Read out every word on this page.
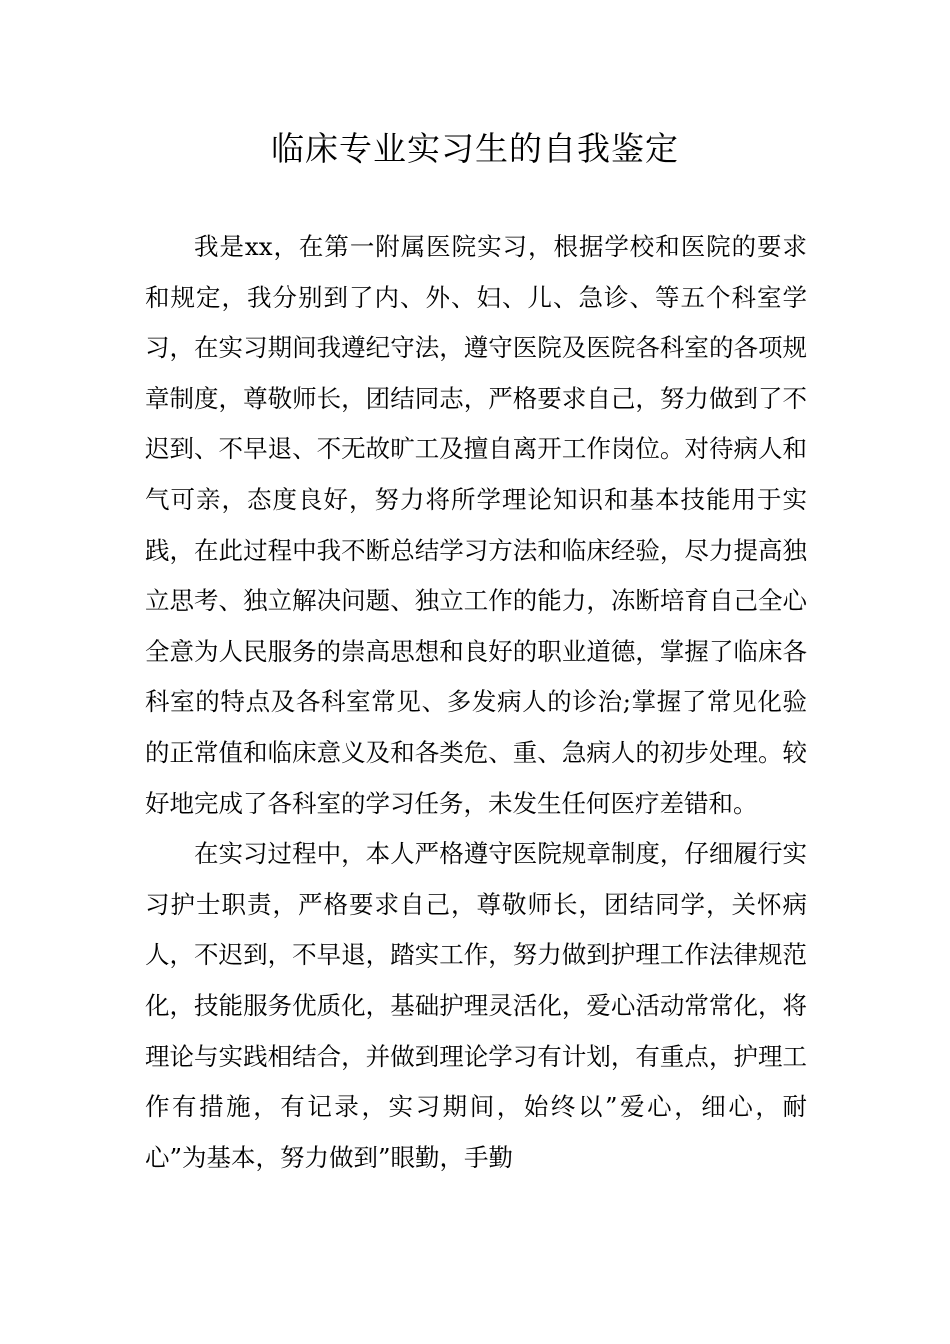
临床专业实习生的自我鉴定

我是xx，在第一附属医院实习，根据学校和医院的要求和规定，我分别到了内、外、妇、儿、急诊、等五个科室学习，在实习期间我遵纪守法，遵守医院及医院各科室的各项规章制度，尊敬师长，团结同志，严格要求自己，努力做到了不迟到、不早退、不无故旷工及擅自离开工作岗位。对待病人和气可亲，态度良好，努力将所学理论知识和基本技能用于实践，在此过程中我不断总结学习方法和临床经验，尽力提高独立思考、独立解决问题、独立工作的能力，冻断培育自己全心全意为人民服务的崇高思想和良好的职业道德，掌握了临床各科室的特点及各科室常见、多发病人的诊治;掌握了常见化验的正常值和临床意义及和各类危、重、急病人的初步处理。较好地完成了各科室的学习任务，未发生任何医疗差错和。

在实习过程中，本人严格遵守医院规章制度，仔细履行实习护士职责，严格要求自己，尊敬师长，团结同学，关怀病人，不迟到，不早退，踏实工作，努力做到护理工作法律规范化，技能服务优质化，基础护理灵活化，爱心活动常常化，将理论与实践相结合，并做到理论学习有计划，有重点，护理工作有措施，有记录，实习期间，始终以”爱心，细心，耐心”为基本，努力做到”眼勤，手勤
